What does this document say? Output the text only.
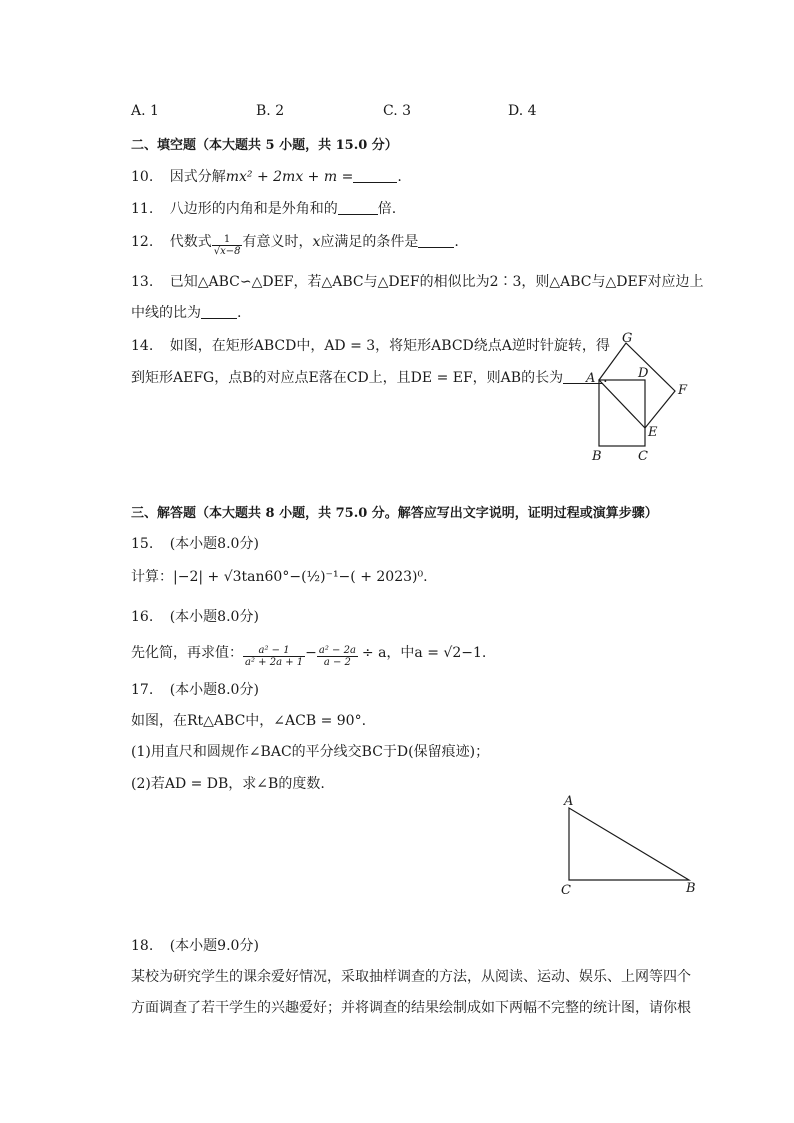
A. 1	B. 2	C. 3	D. 4
二、填空题（本大题共 5 小题，共 15.0 分）
10. 因式分解mx² + 2mx + m =	.
11. 八边形的内角和是外角和的	倍.
12. 代数式 $\frac{1}{√x-8}$ 有意义时，x应满足的条件是	.
13. 已知△ABC∽△DEF，若△ABC与△DEF的相似比为2∶3，则△ABC与△DEF对应边上
中线的比为	.
14. 如图，在矩形ABCD中，AD = 3，将矩形ABCD绕点A逆时针旋转，得
到矩形AEFG，点B的对应点E落在CD上，且DE = EF，则AB的长为	.
G
A	D
F
E
B	C
三、解答题（本大题共 8 小题，共 75.0 分。解答应写出文字说明，证明过程或演算步骤）
15. (本小题8.0分)
计算：|−2| + √3tan60°−(½)⁻¹−( + 2023)⁰.
16. (本小题8.0分)
先化简，再求值： $\frac{\text{a² − 1}}{\text{a² + 2a + 1}} - \frac{\text{a² − 2a}}{a - 2} \div a$，中a = √2−1.
17. (本小题8.0分)
如图，在Rt△ABC中，∠ACB = 90°.
(1)用直尺和圆规作∠BAC的平分线交BC于D(保留痕迹)；
(2)若AD = DB，求∠B的度数.
A
C	B
18. (本小题9.0分)
某校为研究学生的课余爱好情况，采取抽样调查的方法，从阅读、运动、娱乐、上网等四个
方面调查了若干学生的兴趣爱好；并将调查的结果绘制成如下两幅不完整的统计图，请你根
